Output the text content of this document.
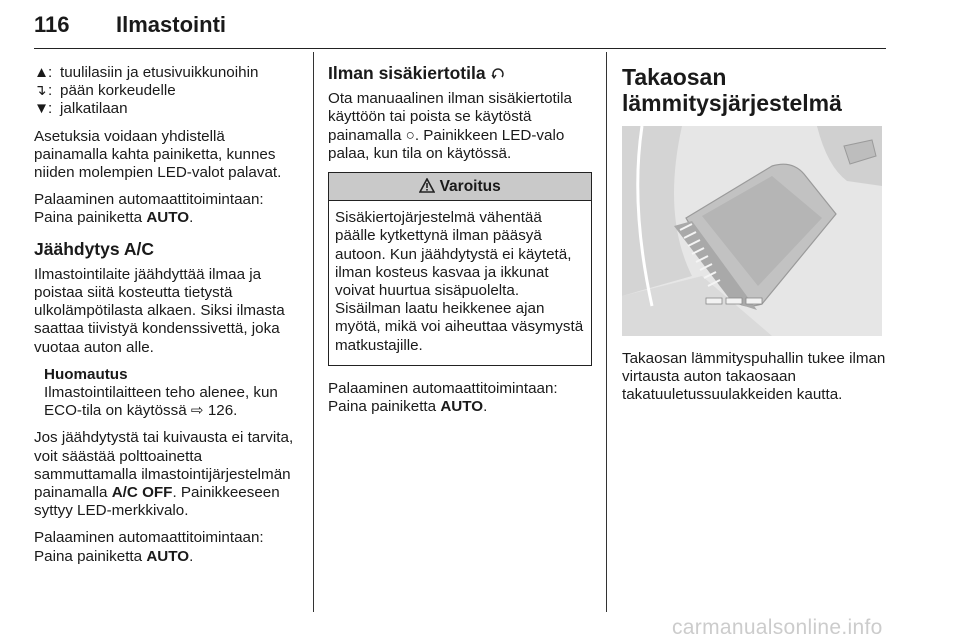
116 Ilmastointi
▲
: tuulilasiin ja etusivuikkunoihin
↴ : pään korkeudelle
▼
: jalkatilaan

Asetuksia voidaan yhdistellä painamalla kahta painiketta, kunnes niiden molempien LED-valot palavat.

Palaaminen automaattitoimintaan: Paina painiketta AUTO.

Jäähdytys A/C

Ilmastointilaite jäähdyttää ilmaa ja poistaa siitä kosteutta tietystä ulkolämpötilasta alkaen. Siksi ilmasta saattaa tiivistyä kondenssivettä, joka vuotaa auton alle.

Huomautus
Ilmastointilaitteen teho alenee, kun ECO-tila on käytössä ⇨ 126.

Jos jäähdytystä tai kuivausta ei tarvita, voit säästää polttoainetta sammuttamalla ilmastointijärjestelmän painamalla A/C OFF. Painikkeeseen syttyy LED-merkkivalo.

Palaaminen automaattitoimintaan: Paina painiketta AUTO.

Ilman sisäkiertotila

Ota manuaalinen ilman sisäkiertotila käyttöön tai poista se käytöstä painamalla ○. Painikkeen LED-valo palaa, kun tila on käytössä.

Varoitus
Sisäkiertojärjestelmä vähentää päälle kytkettynä ilman pääsyä autoon. Kun jäähdytystä ei käytetä, ilman kosteus kasvaa ja ikkunat voivat huurtua sisäpuolelta. Sisäilman laatu heikkenee ajan myötä, mikä voi aiheuttaa väsymystä matkustajille.

Palaaminen automaattitoimintaan: Paina painiketta AUTO.

Takaosan
lämmitysjärjestelmä

Takaosan lämmityspuhallin tukee ilman virtausta auton takaosaan takatuuletussuulakkeiden kautta.

carmanualsonline.info
